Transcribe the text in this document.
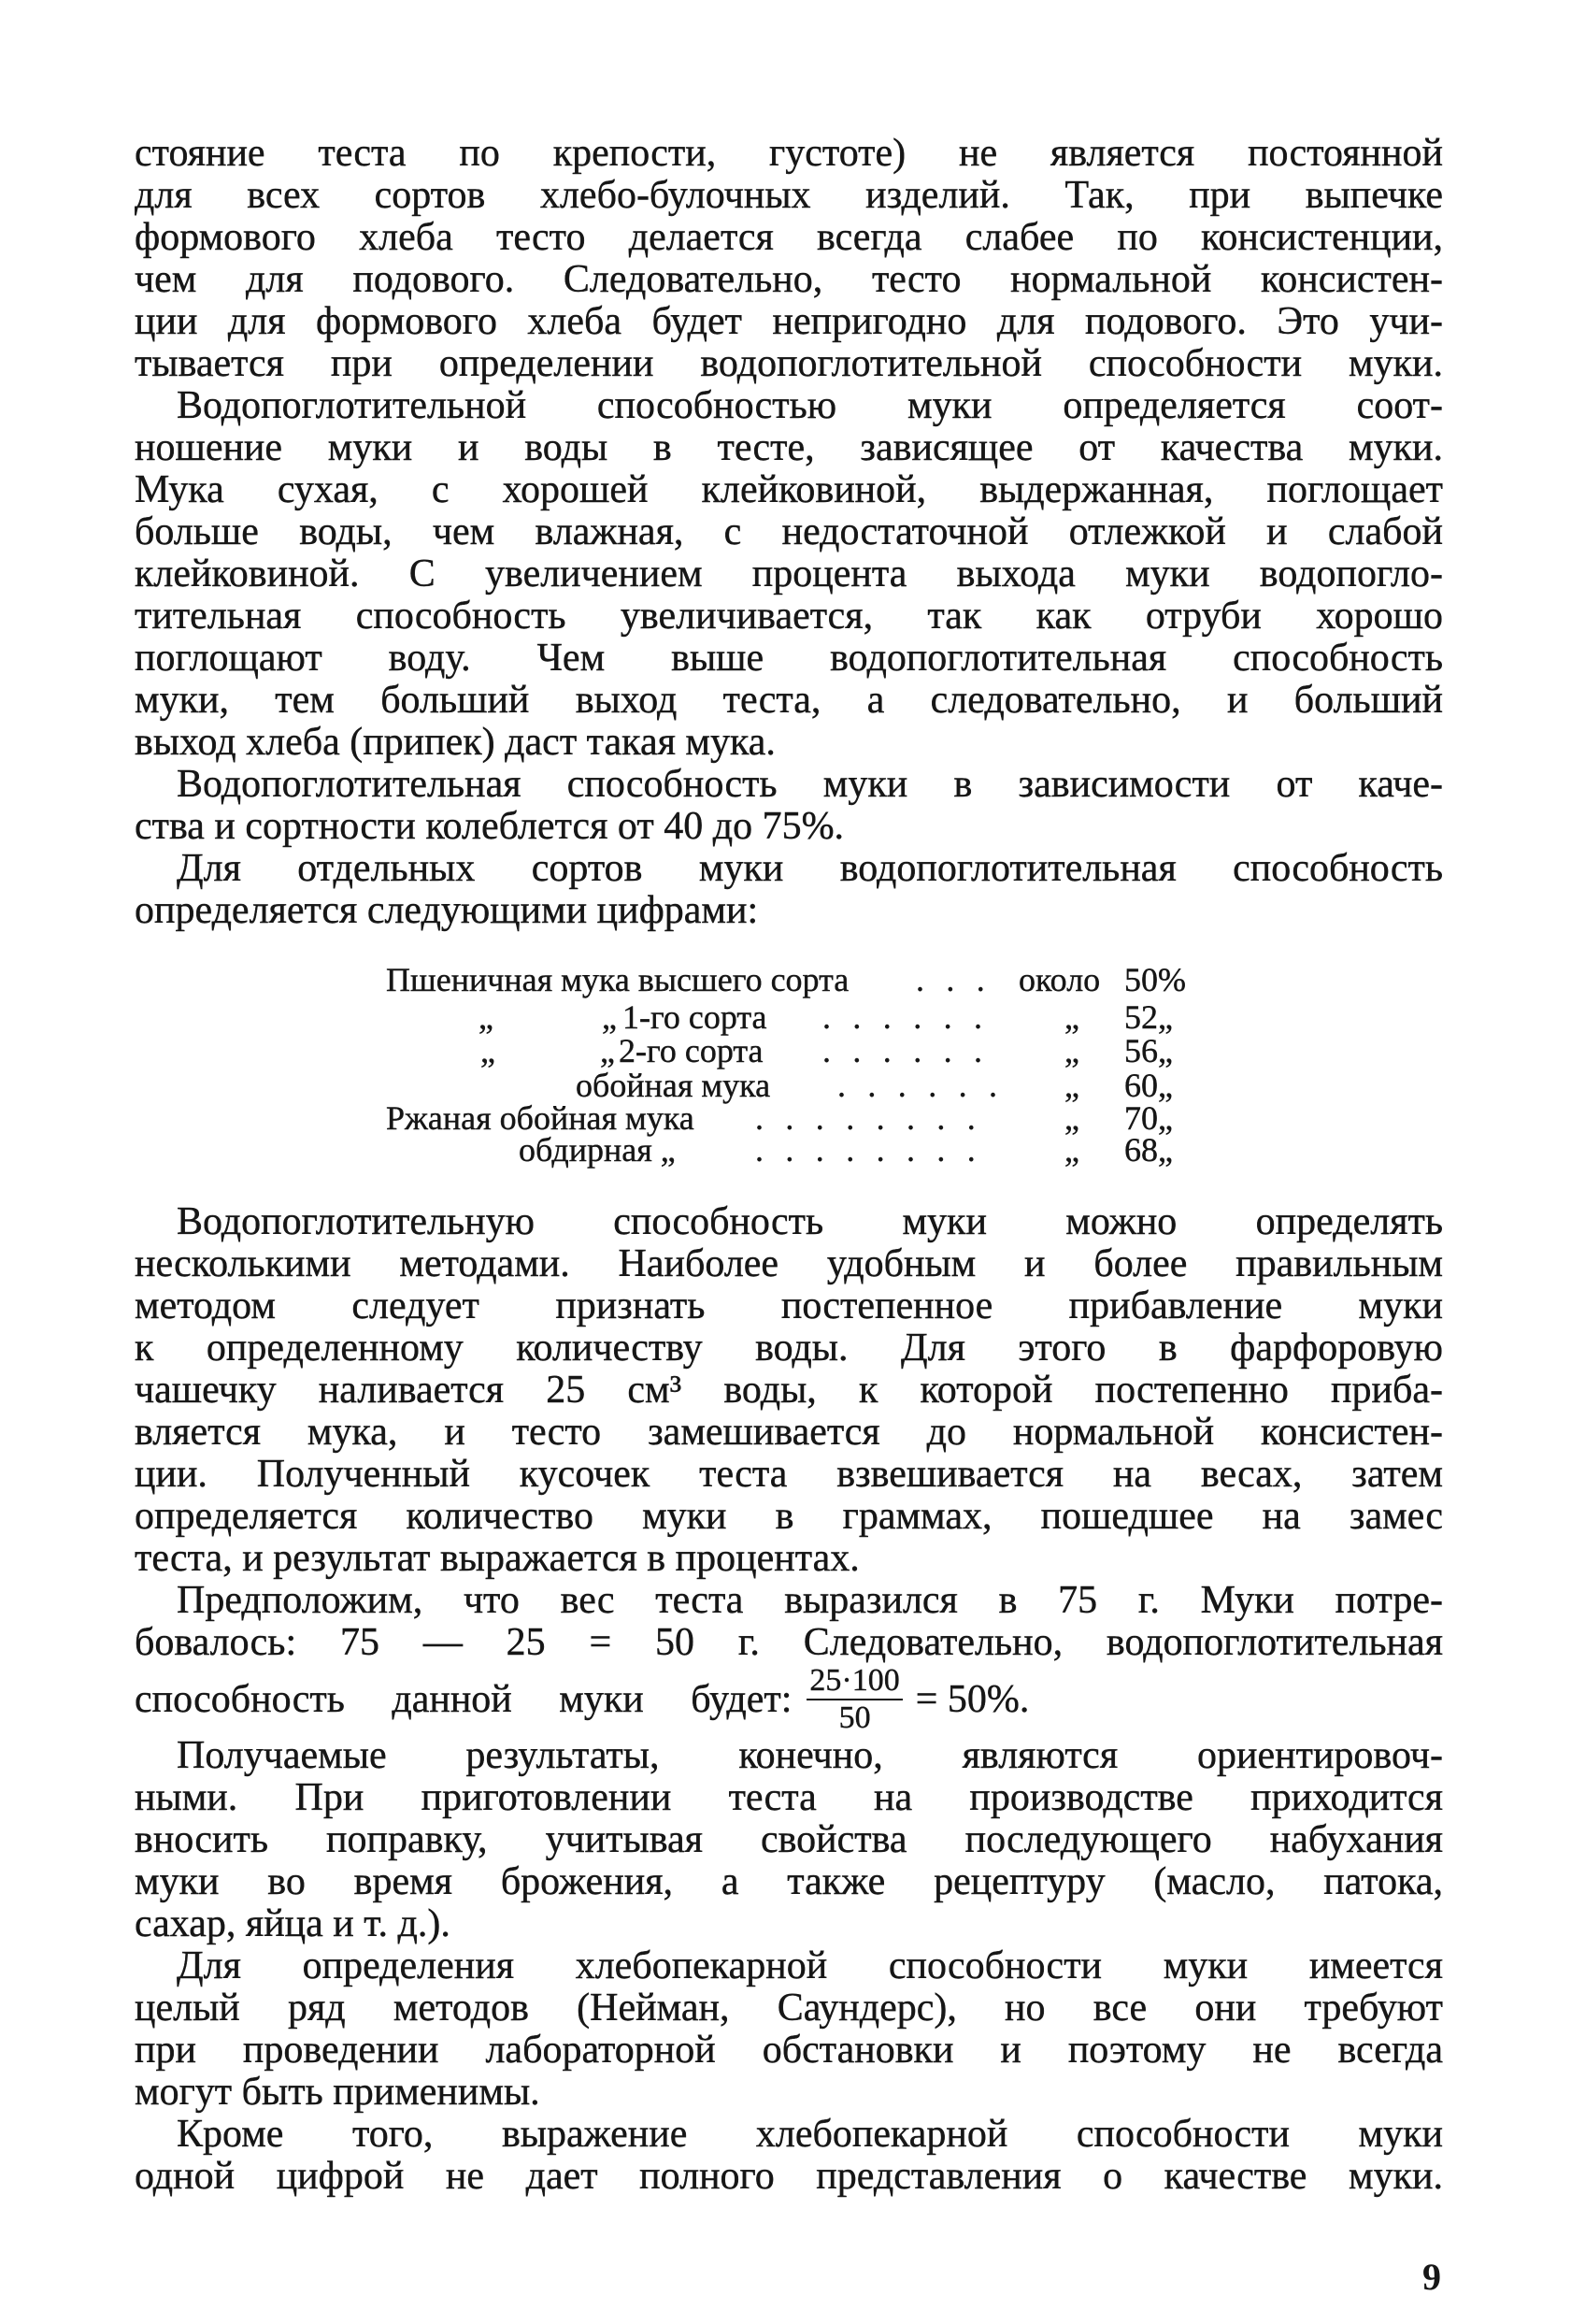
стояние теста по крепости, густоте) не является постоянной
для всех сортов хлебо-булочных изделий. Так, при выпечке
формового хлеба тесто делается всегда слабее по консистенции,
чем для подового. Следовательно, тесто нормальной консистен-
ции для формового хлеба будет непригодно для подового. Это учи-
тывается при определении водопоглотительной способности муки.
Водопоглотительной способностью муки определяется соот-
ношение муки и воды в тесте, зависящее от качества муки.
Мука сухая, с хорошей клейковиной, выдержанная, поглощает
больше воды, чем влажная, с недостаточной отлежкой и слабой
клейковиной. С увеличением процента выхода муки водопогло-
тительная способность увеличивается, так как отруби хорошо
поглощают воду. Чем выше водопоглотительная способность
муки, тем больший выход теста, а следовательно, и больший
выход хлеба (припек) даст такая мука.
Водопоглотительная способность муки в зависимости от каче-
ства и сортности колеблется от 40 до 75%.
Для отдельных сортов муки водопоглотительная способность
определяется следующими цифрами:
Пшеничная мука высшего сорта . . . около 50%
„	„ 1-го сорта . . . . . . „ 52„
„	„ 2-го сорта . . . . . . „ 56„
обойная мука . . . . . . „ 60„
Ржаная обойная мука . . . . . . . . „ 70„
обдирная „ . . . . . . . . „ 68„
Водопоглотительную способность муки можно определять
несколькими методами. Наиболее удобным и более правильным
методом следует признать постепенное прибавление муки
к определенному количеству воды. Для этого в фарфоровую
чашечку наливается 25 см³ воды, к которой постепенно приба-
вляется мука, и тесто замешивается до нормальной консистен-
ции. Полученный кусочек теста взвешивается на весах, затем
определяется количество муки в граммах, пошедшее на замес
теста, и результат выражается в процентах.
Предположим, что вес теста выразился в 75 г. Муки потре-
бовалось: 75 — 25 = 50 г. Следовательно, водопоглотительная
способность данной муки будет: $\frac{25\cdot 100}{50} = 50\%$.
Получаемые результаты, конечно, являются ориентировоч-
ными. При приготовлении теста на производстве приходится
вносить поправку, учитывая свойства последующего набухания
муки во время брожения, а также рецептуру (масло, патока,
сахар, яйца и т. д.).
Для определения хлебопекарной способности муки имеется
целый ряд методов (Нейман, Саундерс), но все они требуют
при проведении лабораторной обстановки и поэтому не всегда
могут быть применимы.
Кроме того, выражение хлебопекарной способности муки
одной цифрой не дает полного представления о качестве муки.
9
